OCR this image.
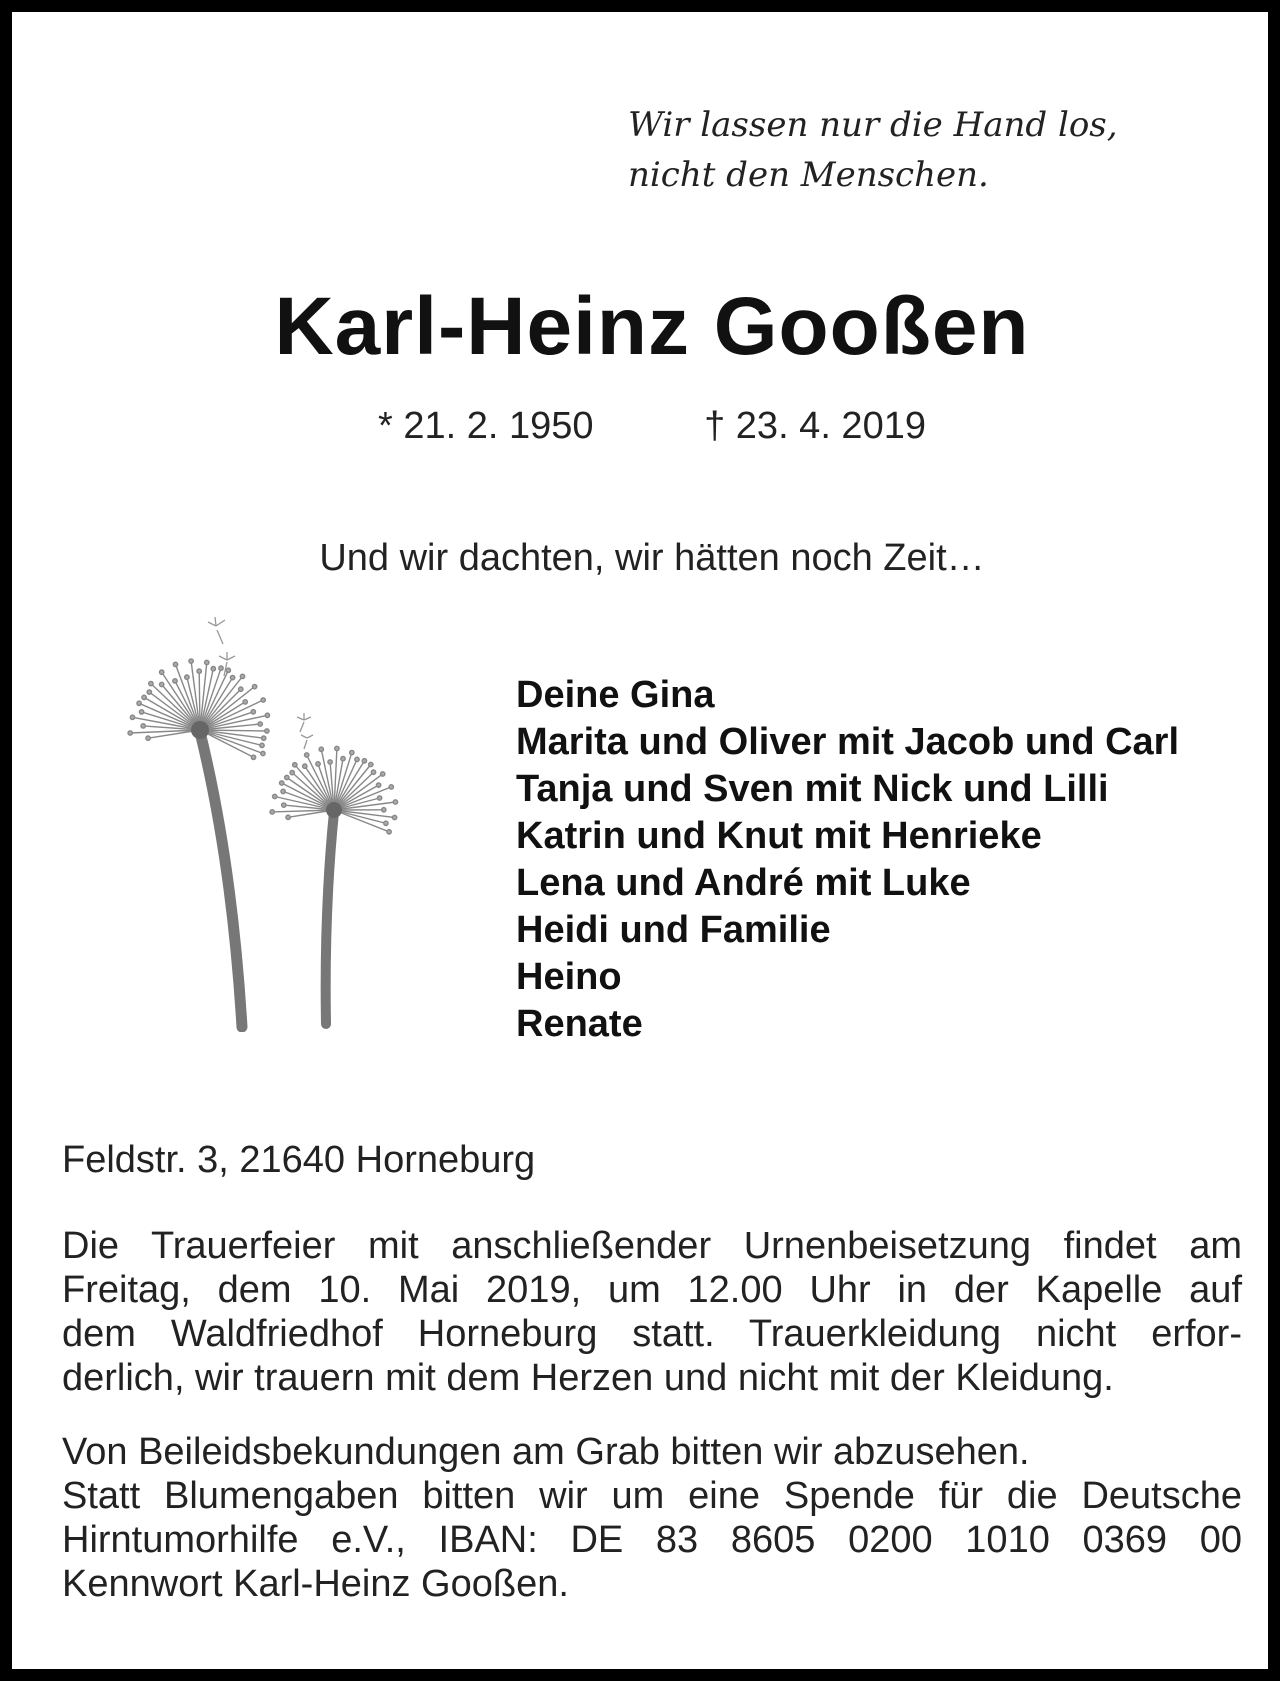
Wir lassen nur die Hand los,
nicht den Menschen.
Karl-Heinz Gooßen
* 21. 2. 1950	† 23. 4. 2019
Und wir dachten, wir hätten noch Zeit…
Deine Gina
Marita und Oliver mit Jacob und Carl
Tanja und Sven mit Nick und Lilli
Katrin und Knut mit Henrieke
Lena und André mit Luke
Heidi und Familie
Heino
Renate
Feldstr. 3, 21640 Horneburg
Die Trauerfeier mit anschließender Urnenbeisetzung findet am
Freitag, dem 10. Mai 2019, um 12.00 Uhr in der Kapelle auf
dem Waldfriedhof Horneburg statt. Trauerkleidung nicht erfor-
derlich, wir trauern mit dem Herzen und nicht mit der Kleidung.
Von Beileidsbekundungen am Grab bitten wir abzusehen.
Statt Blumengaben bitten wir um eine Spende für die Deutsche
Hirntumorhilfe e.V., IBAN: DE 83 8605 0200 1010 0369 00
Kennwort Karl-Heinz Gooßen.
